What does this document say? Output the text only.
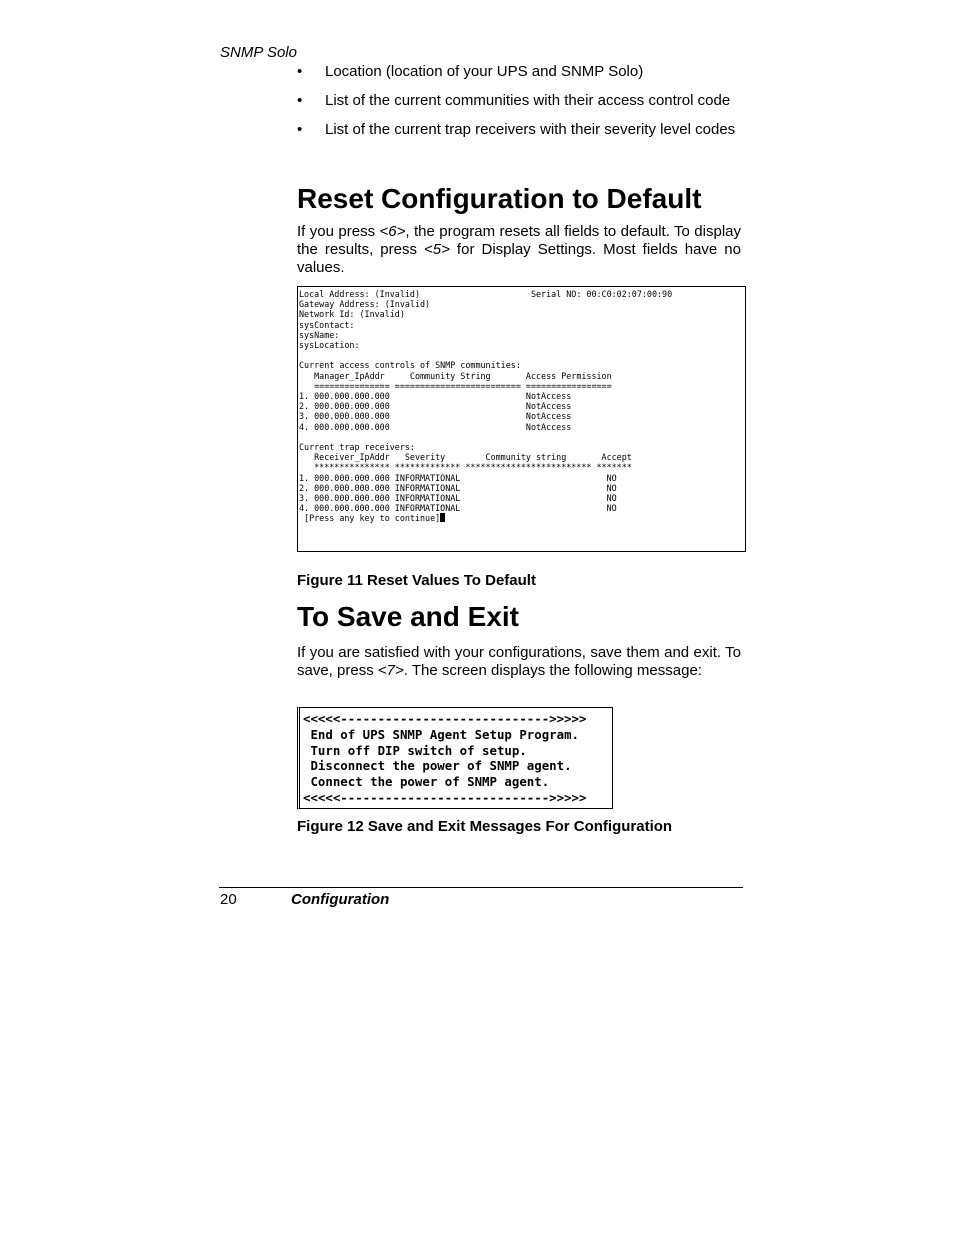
SNMP Solo
• Location (location of your UPS and SNMP Solo)
• List of the current communities with their access control code
• List of the current trap receivers with their severity level codes
Reset Configuration to Default
If you press <6>, the program resets all fields to default. To display the results, press <5> for Display Settings. Most fields have no values.
Local Address: (Invalid)                      Serial NO: 00:C0:02:07:00:90
Gateway Address: (Invalid)
Network Id: (Invalid)
sysContact:
sysName:
sysLocation:

Current access controls of SNMP communities:
Manager_IpAddr     Community String       Access Permission
=============== ========================= =================
1. 000.000.000.000                           NotAccess
2. 000.000.000.000                           NotAccess
3. 000.000.000.000                           NotAccess
4. 000.000.000.000                           NotAccess

Current trap receivers:
Receiver_IpAddr   Severity        Community string       Accept
*************** ************* ************************* *******
1. 000.000.000.000 INFORMATIONAL                             NO
2. 000.000.000.000 INFORMATIONAL                             NO
3. 000.000.000.000 INFORMATIONAL                             NO
4. 000.000.000.000 INFORMATIONAL                             NO

[Press any key to continue]
Figure 11 Reset Values To Default
To Save and Exit
If you are satisfied with your configurations, save them and exit. To save, press <7>. The screen displays the following message:
<<<<<---------------------------->>>>>
End of UPS SNMP Agent Setup Program.
Turn off DIP switch of setup.
Disconnect the power of SNMP agent.
Connect the power of SNMP agent.
<<<<<---------------------------->>>>>
Figure 12 Save and Exit Messages For Configuration
20	Configuration
